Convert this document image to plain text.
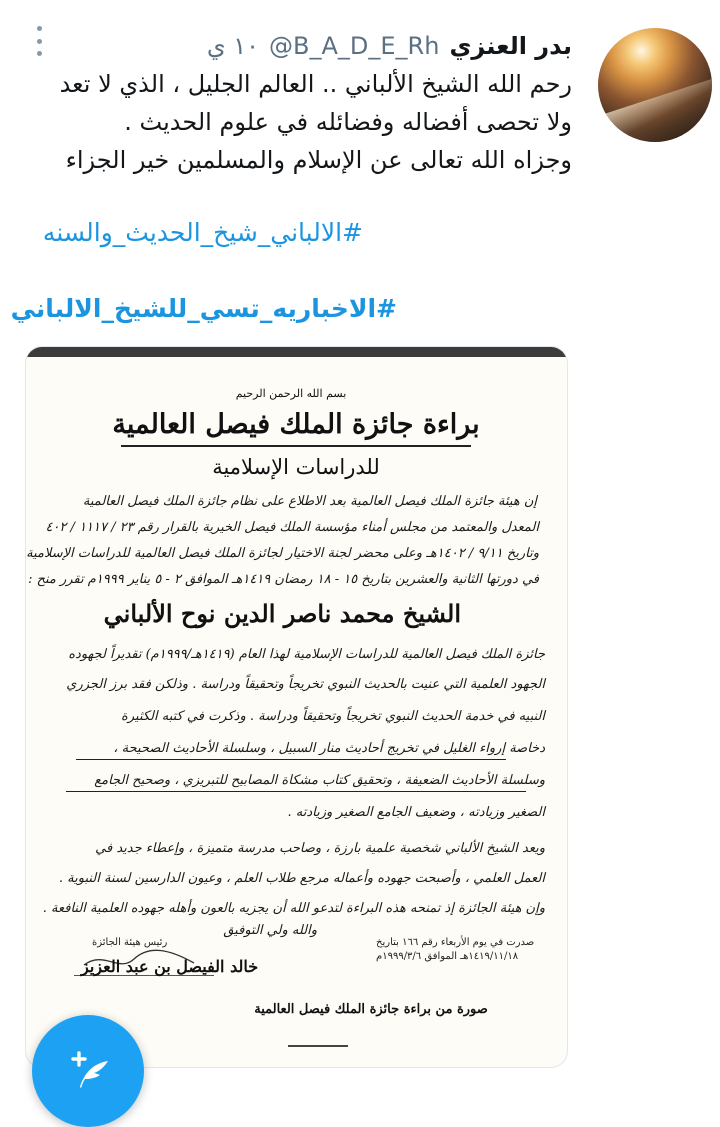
بدر العنزي
@B_A_D_E_Rh
١٠ ي

رحم الله الشيخ الألباني .. العالم الجليل ، الذي لا تعد

ولا تحصى أفضاله وفضائله في علوم الحديث .

وجزاه الله تعالى عن الإسلام والمسلمين خير الجزاء

#الالباني_شيخ_الحديث_والسنه
#الاخباريه_تسي_للشيخ_الالباني
بسم الله الرحمن الرحيم
براءة جائزة الملك فيصل العالمية
للدراسات الإسلامية
إن هيئة جائزة الملك فيصل العالمية بعد الاطلاع على نظام جائزة الملك فيصل العالمية
المعدل والمعتمد من مجلس أمناء مؤسسة الملك فيصل الخيرية بالقرار رقم ٢٣ / ١١١٧ / ٤٠٢
وتاريخ ٩/١١ / ١٤٠٢هـ وعلى محضر لجنة الاختيار لجائزة الملك فيصل العالمية للدراسات الإسلامية
في دورتها الثانية والعشرين بتاريخ ١٥ - ١٨ رمضان ١٤١٩هـ الموافق ٢ - ٥ يناير ١٩٩٩م تقرر منح :
الشيخ محمد ناصر الدين نوح الألباني
جائزة الملك فيصل العالمية للدراسات الإسلامية لهذا العام (١٤١٩هـ/١٩٩٩م) تقديراً لجهوده
الجهود العلمية التي عنيت بالحديث النبوي تخريجاً وتحقيقاً ودراسة . وذلكن فقد برز الجزري
النبيه في خدمة الحديث النبوي تخريجاً وتحقيقاً ودراسة . وذكرت في كتبه الكثيرة
دخاصة إرواء الغليل في تخريج أحاديث منار السبيل ، وسلسلة الأحاديث الصحيحة ،
وسلسلة الأحاديث الضعيفة ، وتحقيق كتاب مشكاة المصابيح للتبريزي ، وصحيح الجامع
الصغير وزيادته ، وضعيف الجامع الصغير وزيادته .
ويعد الشيخ الألباني شخصية علمية بارزة ، وصاحب مدرسة متميزة ، وإعطاء جديد في
العمل العلمي ، وأصبحت جهوده وأعماله مرجع طلاب العلم ، وعيون الدارسين لسنة النبوية .
وإن هيئة الجائزة إذ تمنحه هذه البراءة لتدعو الله أن يجزيه بالعون وأهله جهوده العلمية النافعة .
والله ولي التوفيق
صدرت في يوم الأربعاء رقم ١٦٦ بتاريخ
١٤١٩/١١/١٨هـ الموافق ١٩٩٩/٣/٦م
رئيس هيئة الجائزة
خالد الفيصل بن عبد العزيز
صورة من براءة جائزة الملك فيصل العالمية
